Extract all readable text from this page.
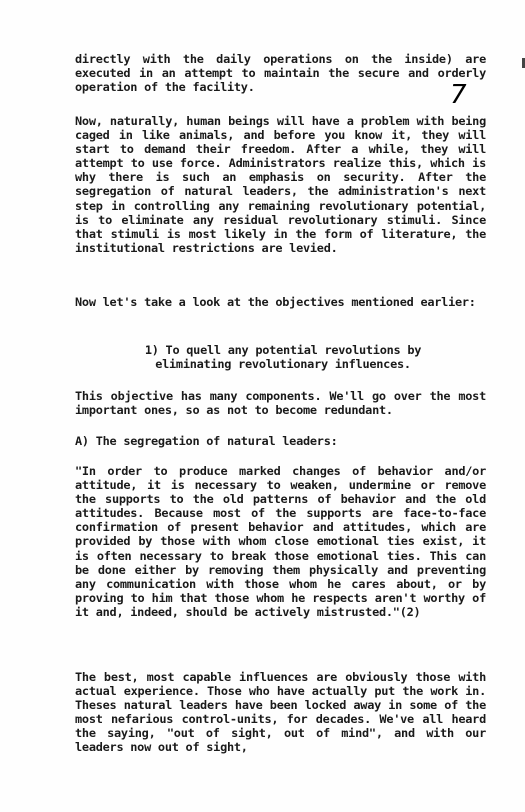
directly with the daily operations on the inside) are executed in an attempt to maintain the secure and orderly operation of the facility.	7

Now, naturally, human beings will have a problem with being caged in like animals, and before you know it, they will start to demand their freedom. After a while, they will attempt to use force. Administrators realize this, which is why there is such an emphasis on security. After the segregation of natural leaders, the administration's next step in controlling any remaining revolutionary potential, is to eliminate any residual revolutionary stimuli. Since that stimuli is most likely in the form of literature, the institutional restrictions are levied.

Now let's take a look at the objectives mentioned earlier:

1) To quell any potential revolutions by eliminating revolutionary influences.

This objective has many components. We'll go over the most important ones, so as not to become redundant.

A) The segregation of natural leaders:

"In order to produce marked changes of behavior and/or attitude, it is necessary to weaken, undermine or remove the supports to the old patterns of behavior and the old attitudes. Because most of the supports are face-to-face confirmation of present behavior and attitudes, which are provided by those with whom close emotional ties exist, it is often necessary to break those emotional ties. This can be done either by removing them physically and preventing any communication with those whom he cares about, or by proving to him that those whom he respects aren't worthy of it and, indeed, should be actively mistrusted."(2)

The best, most capable influences are obviously those with actual experience. Those who have actually put the work in. Theses natural leaders have been locked away in some of the most nefarious control-units, for decades. We've all heard the saying, "out of sight, out of mind", and with our leaders now out of sight,
